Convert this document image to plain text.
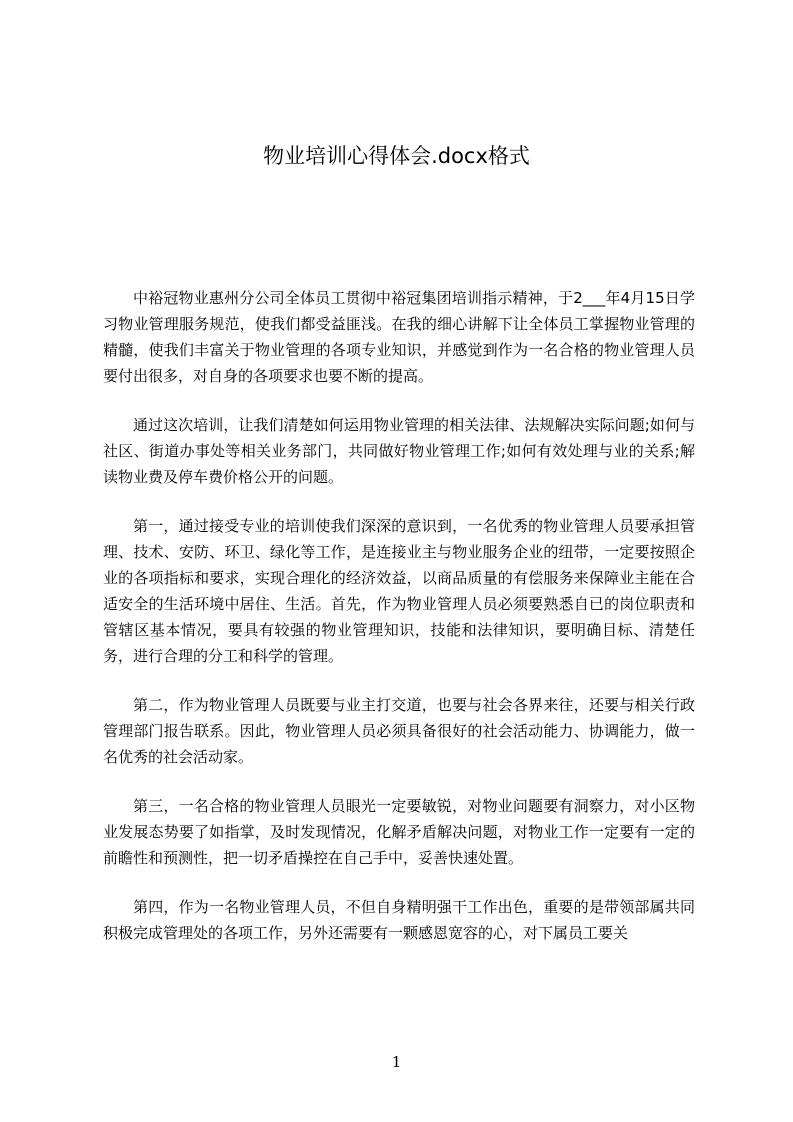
物业培训心得体会.docx格式

中裕冠物业惠州分公司全体员工贯彻中裕冠集团培训指示精神，于2___年4月15日学习物业管理服务规范，使我们都受益匪浅。在我的细心讲解下让全体员工掌握物业管理的精髓，使我们丰富关于物业管理的各项专业知识，并感觉到作为一名合格的物业管理人员要付出很多，对自身的各项要求也要不断的提高。

通过这次培训，让我们清楚如何运用物业管理的相关法律、法规解决实际问题;如何与社区、街道办事处等相关业务部门，共同做好物业管理工作;如何有效处理与业的关系;解读物业费及停车费价格公开的问题。

第一，通过接受专业的培训使我们深深的意识到，一名优秀的物业管理人员要承担管理、技术、安防、环卫、绿化等工作，是连接业主与物业服务企业的纽带，一定要按照企业的各项指标和要求，实现合理化的经济效益，以商品质量的有偿服务来保障业主能在合适安全的生活环境中居住、生活。首先，作为物业管理人员必须要熟悉自已的岗位职责和管辖区基本情况，要具有较强的物业管理知识，技能和法律知识，要明确目标、清楚任务，进行合理的分工和科学的管理。

第二，作为物业管理人员既要与业主打交道，也要与社会各界来往，还要与相关行政管理部门报告联系。因此，物业管理人员必须具备很好的社会活动能力、协调能力，做一名优秀的社会活动家。

第三，一名合格的物业管理人员眼光一定要敏锐，对物业问题要有洞察力，对小区物业发展态势要了如指掌，及时发现情况，化解矛盾解决问题，对物业工作一定要有一定的前瞻性和预测性，把一切矛盾操控在自己手中，妥善快速处置。

第四，作为一名物业管理人员，不但自身精明强干工作出色，重要的是带领部属共同积极完成管理处的各项工作，另外还需要有一颗感恩宽容的心，对下属员工要关

1
